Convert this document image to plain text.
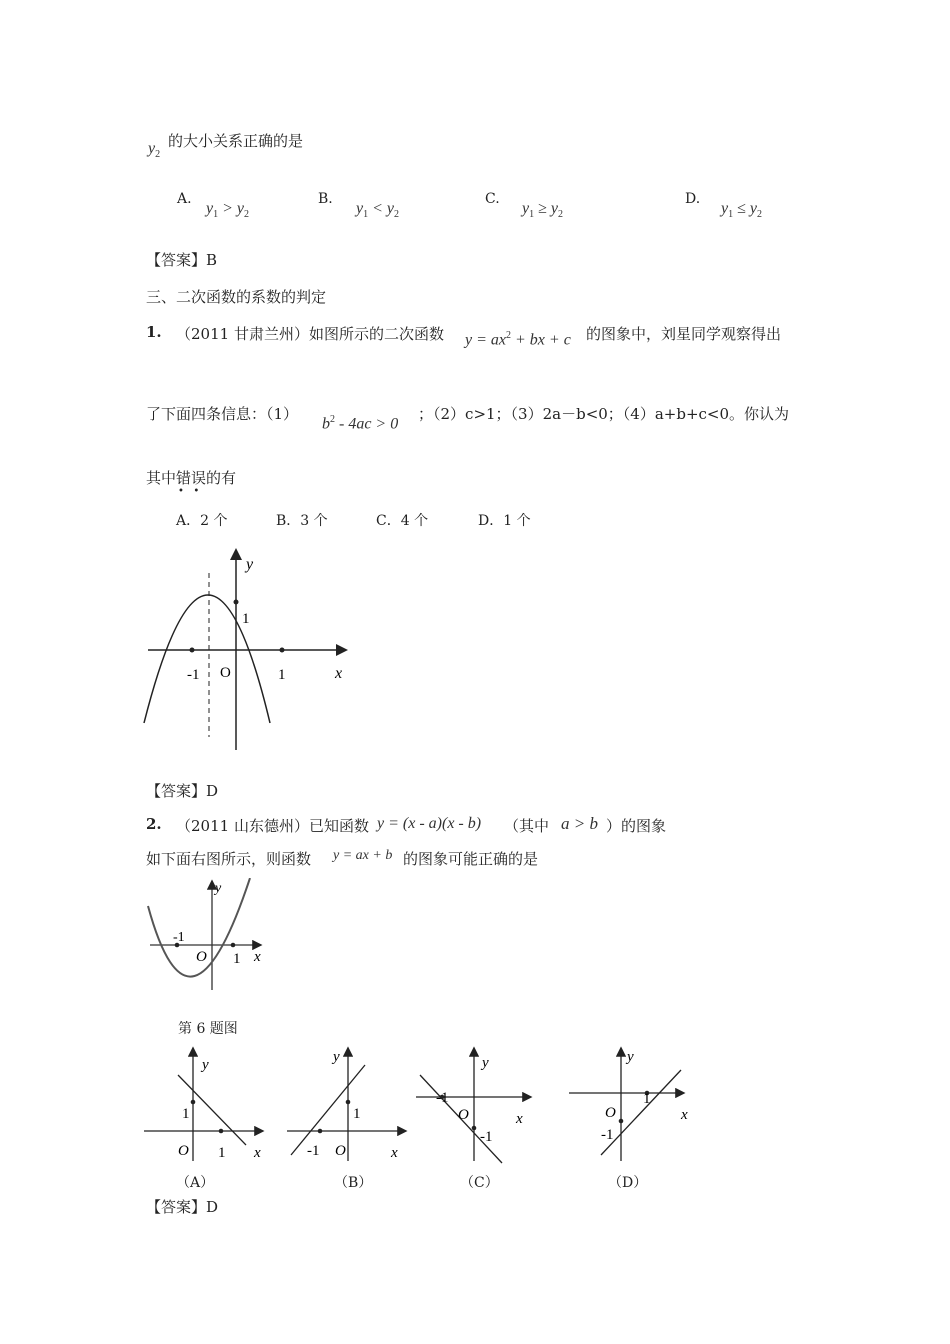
$y_2$
的大小关系正确的是
A.
$y_1 > y_2$
B.
$y_1 < y_2$
C.
$y_1 \ge y_2$
D.
$y_1 \le y_2$
【答案】B
三、二次函数的系数的判定
1. （2011 甘肃兰州）如图所示的二次函数 $y = ax^2$ + bx + c 的图象中，刘星同学观察得出
了下面四条信息：（1）
$b^2 - 4ac > 0$
；（2）c>1；（3）2a－b<0；（4）a+b+c<0。你认为
其中错误的有
•   •
A．2 个	B．3 个	C．4 个	D．1 个
y
1
-1 O	1	x
【答案】D
2. （2011 山东德州）已知函数 y = (x - a)(x - b) （其中 a > b ）的图象
如下面右图所示，则函数 y = ax + b 的图象可能正确的是
y
-1
O 1 x
第 6 题图
y
1
O 1 x
（A）
y
1
-1 O	x
（B）
y
-1
O
-1
x
（C）
y
1
O
-1
x
（D）
【答案】D
